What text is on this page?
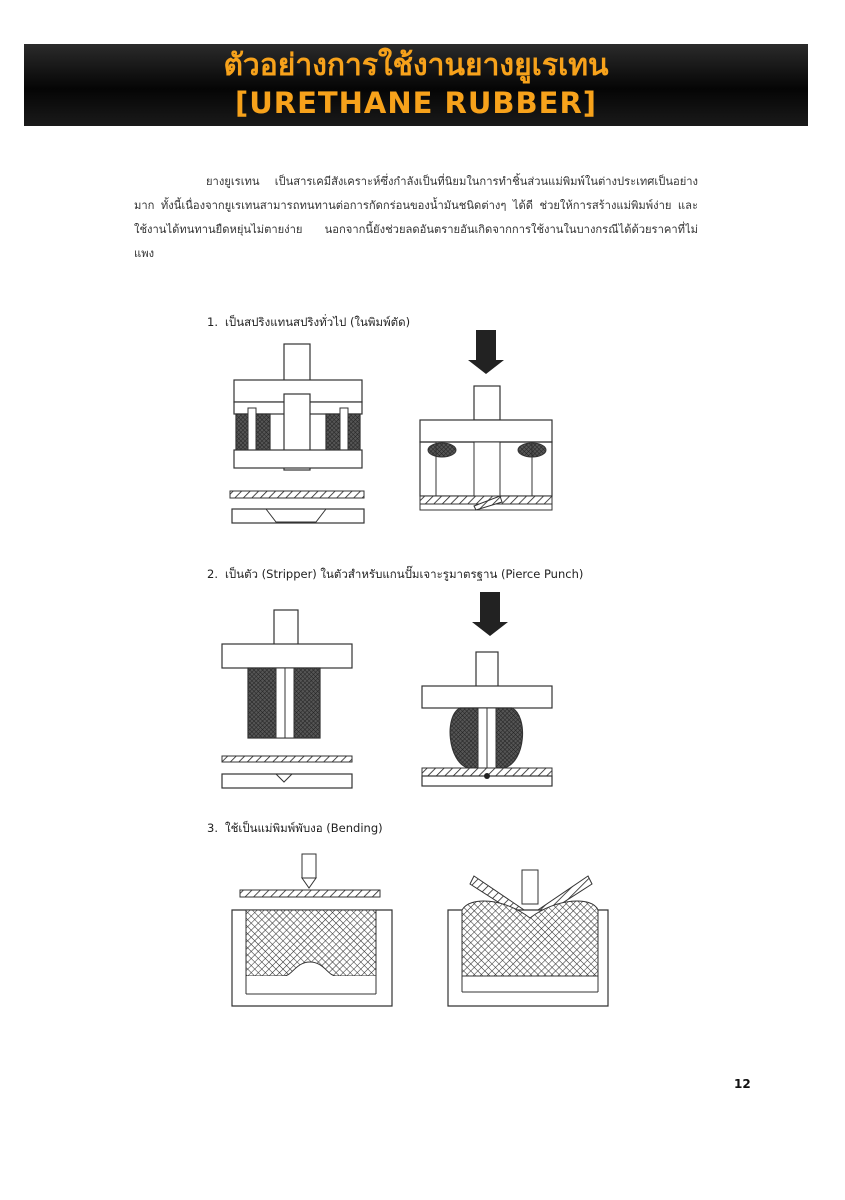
ตัวอย่างการใช้งานยางยูเรเทน
[URETHANE RUBBER]

ยางยูเรเทน เป็นสารเคมีสังเคราะห์ซึ่งกำลังเป็นที่นิยมในการทำชิ้นส่วนแม่พิมพ์ในต่างประเทศเป็นอย่างมาก ทั้งนี้เนื่องจากยูเรเทนสามารถทนทานต่อการกัดกร่อนของน้ำมันชนิดต่างๆ ได้ดี ช่วยให้การสร้างแม่พิมพ์ง่าย และใช้งานได้ทนทานยืดหยุ่นไม่ตายง่าย นอกจากนี้ยังช่วยลดอันตรายอันเกิดจากการใช้งานในบางกรณีได้ด้วยราคาที่ไม่แพง

1. เป็นสปริงแทนสปริงทั่วไป (ในพิมพ์ตัด)
2. เป็นตัว (Stripper) ในตัวสำหรับแกนปั๊มเจาะรูมาตรฐาน (Pierce Punch)
3. ใช้เป็นแม่พิมพ์พับงอ (Bending)
12
